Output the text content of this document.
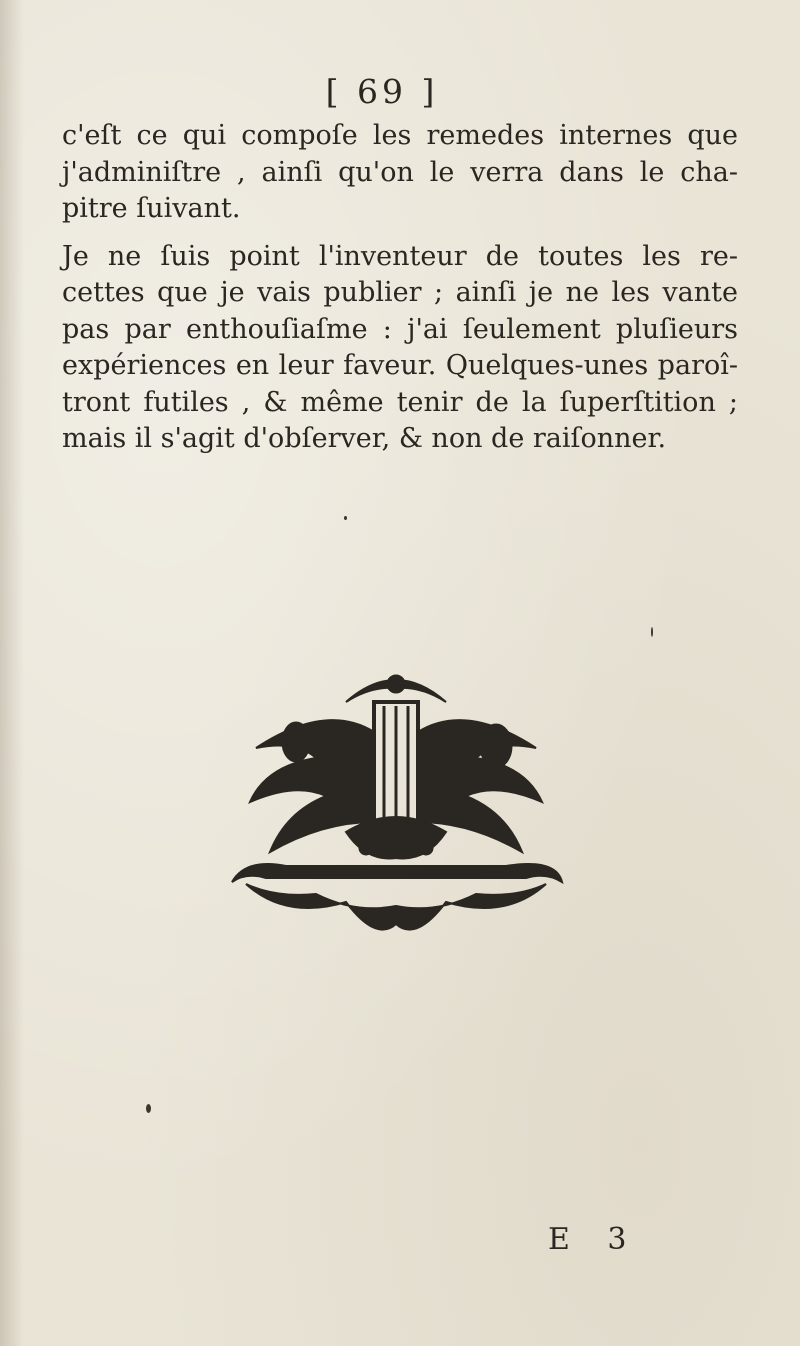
[ 69 ]

c'eſt ce qui compoſe les remedes internes que j'adminiſtre , ainſi qu'on le verra dans le cha- pitre ſuivant.

Je ne ſuis point l'inventeur de toutes les re- cettes que je vais publier ; ainſi je ne les vante pas par enthouſiaſme : j'ai ſeulement pluſieurs expériences en leur faveur. Quelques-unes paroî- tront futiles , & même tenir de la ſuperſtition ; mais il s'agit d'obſerver, & non de raiſonner.

E 3
